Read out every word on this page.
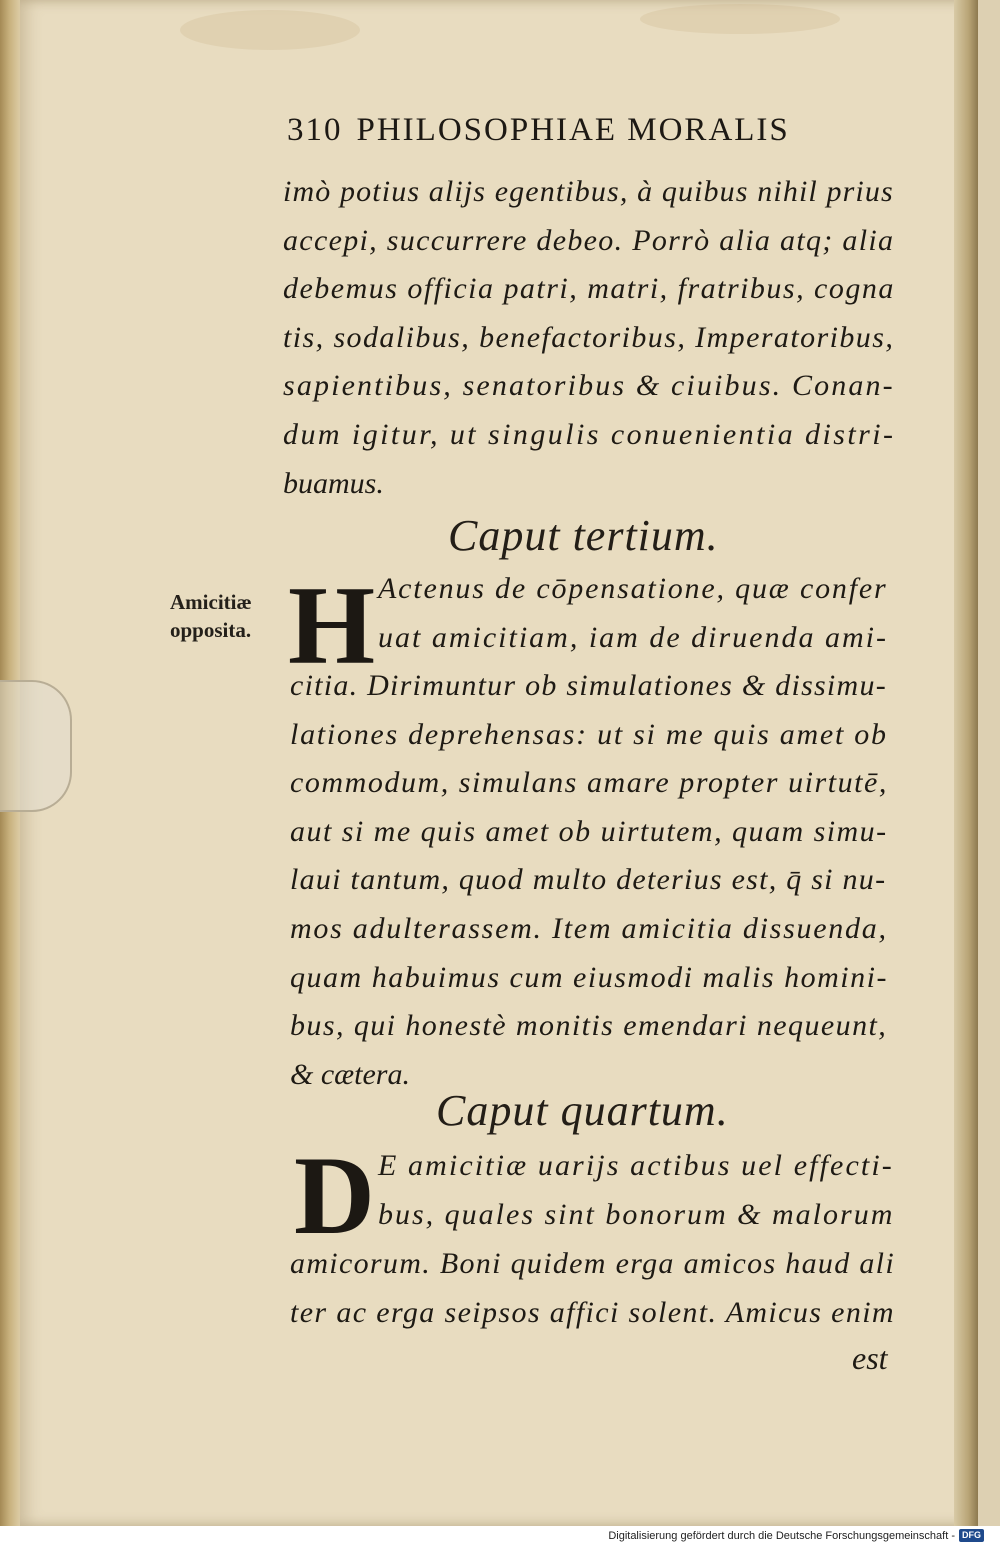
310 PHILOSOPHIAE MORALIS
imò potius alijs egentibus, à quibus nihil prius
accepi, succurrere debeo. Porrò alia atq; alia
debemus officia patri, matri, fratribus, cogna
tis, sodalibus, benefactoribus, Imperatoribus,
sapientibus, senatoribus & ciuibus. Conan-
dum igitur, ut singulis conuenientia distri-
buamus.
Caput tertium.
Amicitiæ
opposita. H Actenus de cōpensatione, quæ confer
uat amicitiam, iam de diruenda ami-
citia. Dirimuntur ob simulationes & dissimu-
lationes deprehensas: ut si me quis amet ob
commodum, simulans amare propter uirtutē,
aut si me quis amet ob uirtutem, quam simu-
laui tantum, quod multo deterius est, q̄ si nu-
mos adulterassem. Item amicitia dissuenda,
quam habuimus cum eiusmodi malis homini-
bus, qui honestè monitis emendari nequeunt,
& cætera.
Caput quartum.
D E amicitiæ uarijs actibus uel effecti-
bus, quales sint bonorum & malorum
amicorum. Boni quidem erga amicos haud ali
ter ac erga seipsos affici solent. Amicus enim
est
Digitalisierung gefördert durch die Deutsche Forschungsgemeinschaft - DFG
